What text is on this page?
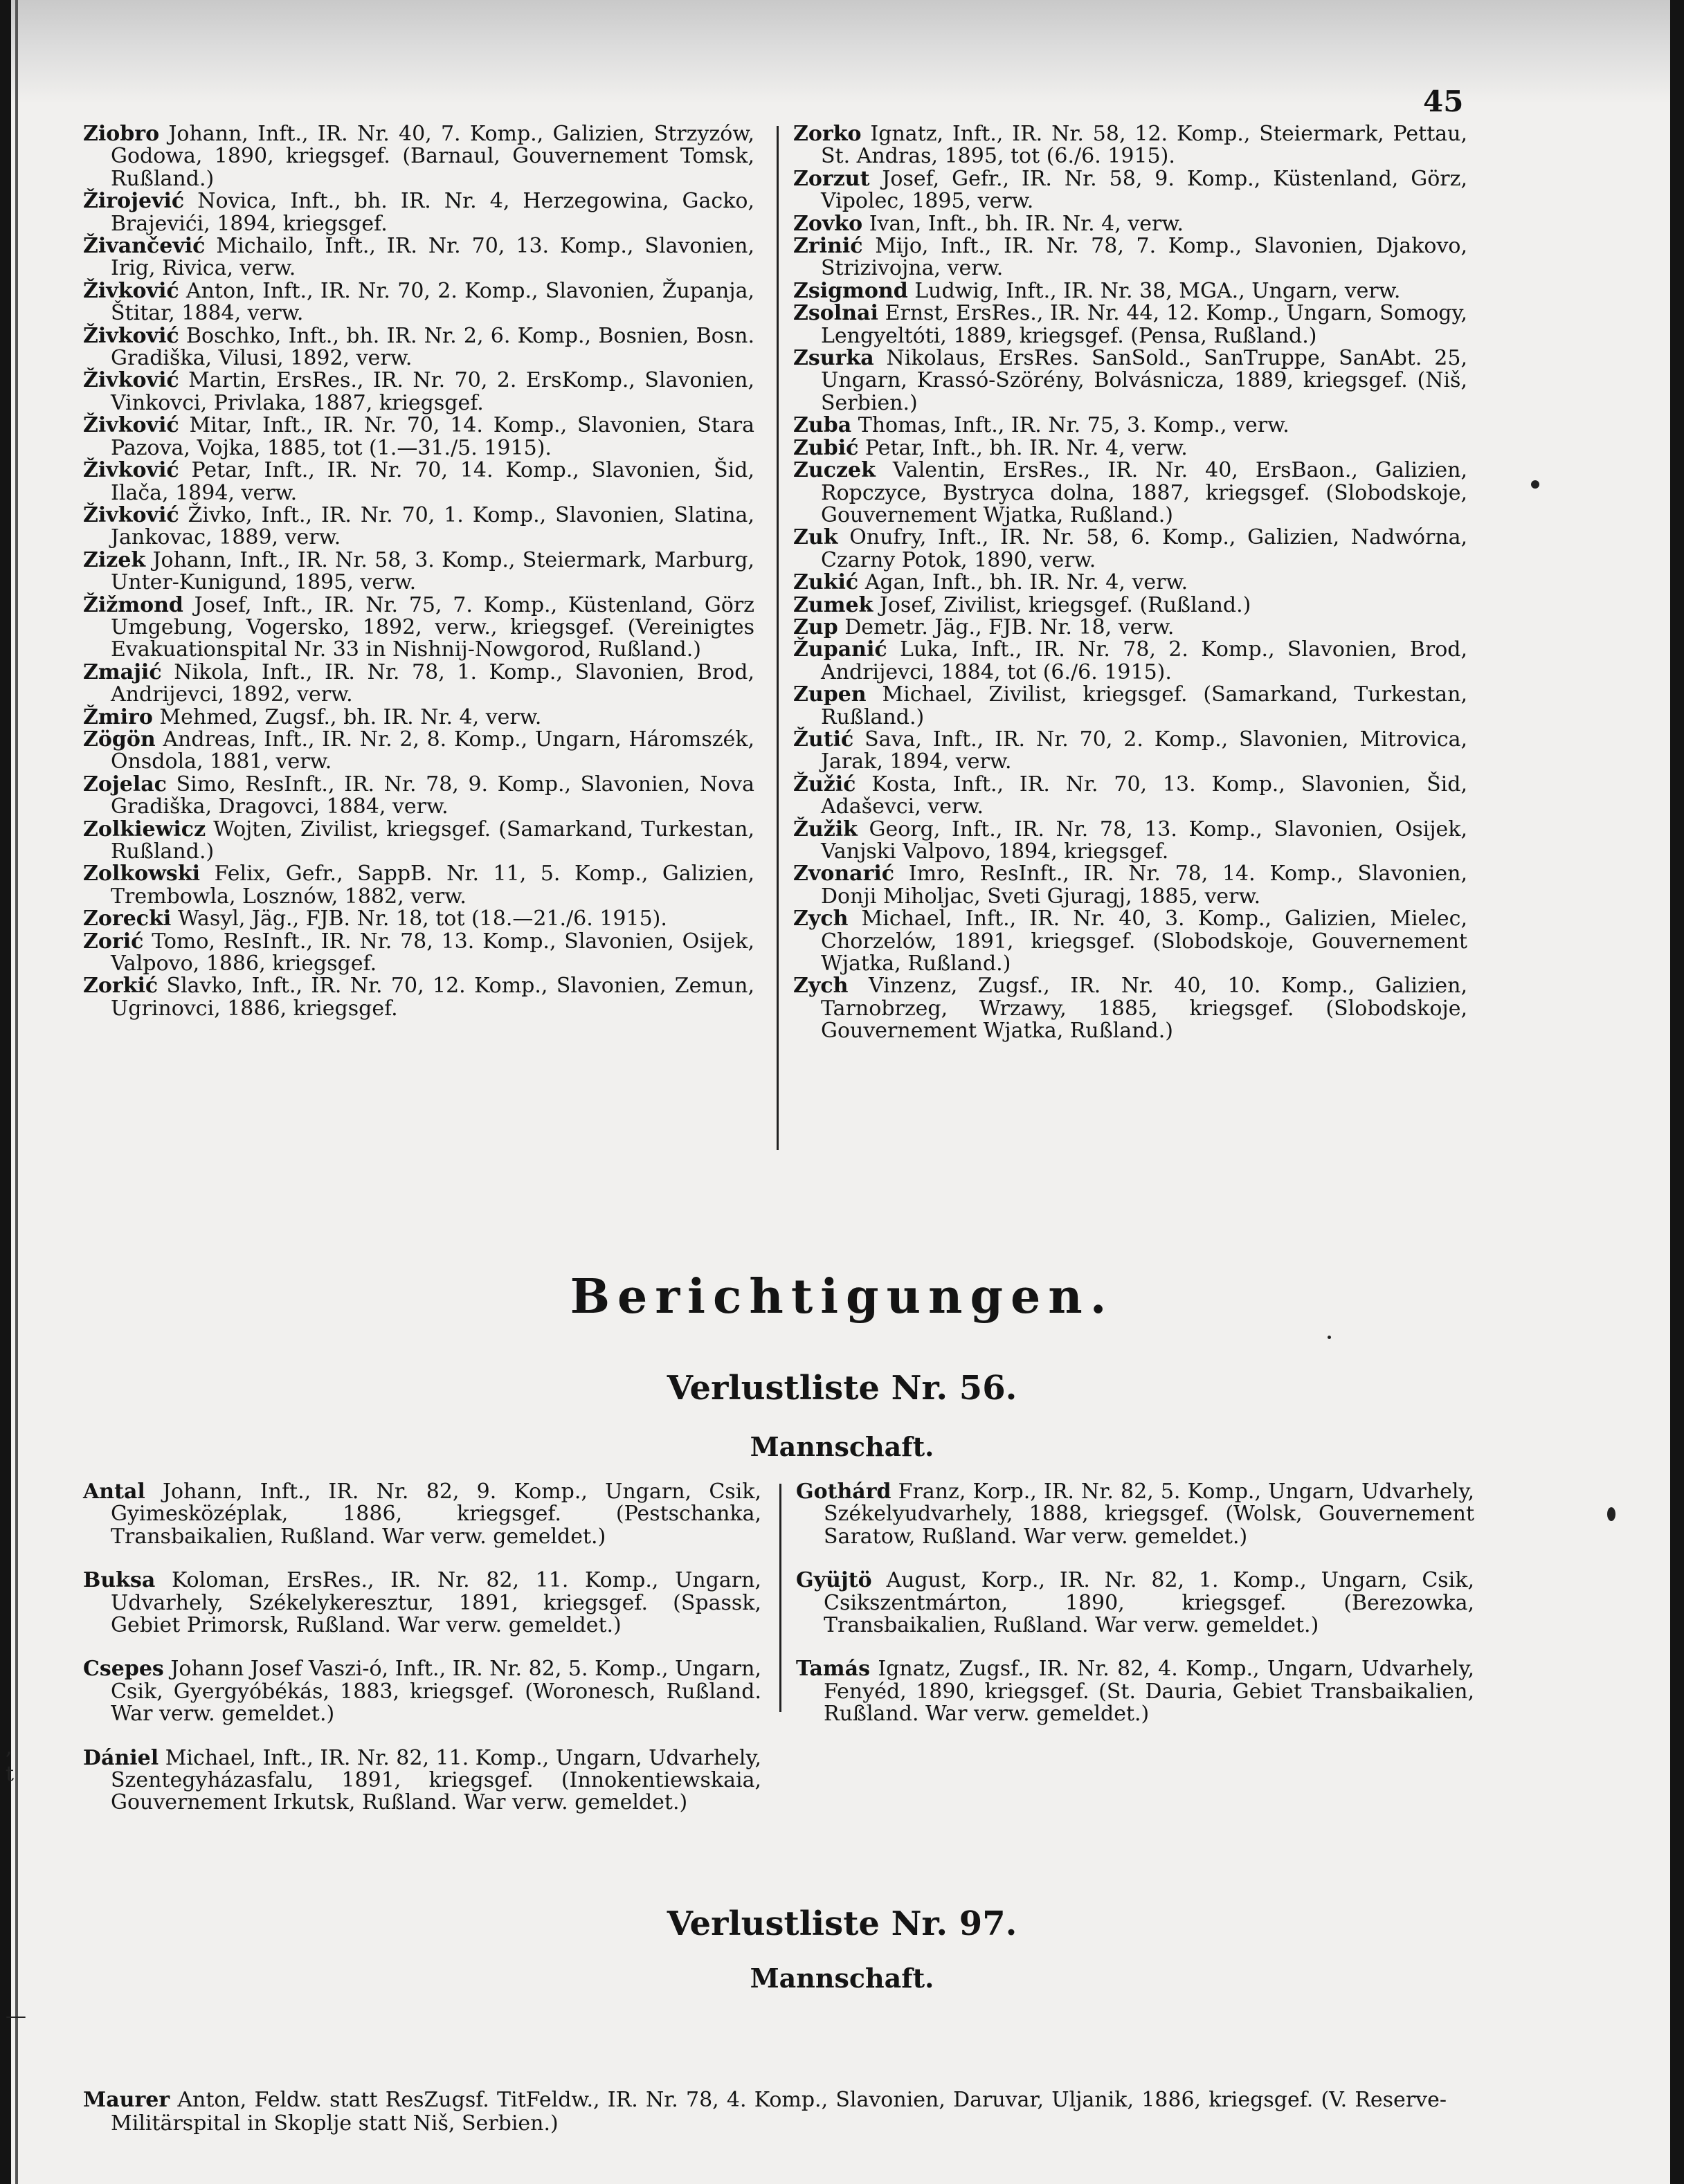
,
t
—
45
Ziobro Johann, Inft., IR. Nr. 40, 7. Komp., Galizien, Strzyzów, Godowa, 1890, kriegsgef. (Barnaul, Gouvernement Tomsk, Rußland.)
Žirojević Novica, Inft., bh. IR. Nr. 4, Herzegowina, Gacko, Brajevići, 1894, kriegsgef.
Živančević Michailo, Inft., IR. Nr. 70, 13. Komp., Slavonien, Irig, Rivica, verw.
Živković Anton, Inft., IR. Nr. 70, 2. Komp., Slavonien, Županja, Štitar, 1884, verw.
Živković Boschko, Inft., bh. IR. Nr. 2, 6. Komp., Bosnien, Bosn. Gradiška, Vilusi, 1892, verw.
Živković Martin, ErsRes., IR. Nr. 70, 2. ErsKomp., Slavonien, Vinkovci, Privlaka, 1887, kriegsgef.
Živković Mitar, Inft., IR. Nr. 70, 14. Komp., Slavonien, Stara Pazova, Vojka, 1885, tot (1.—31./5. 1915).
Živković Petar, Inft., IR. Nr. 70, 14. Komp., Slavonien, Šid, Ilača, 1894, verw.
Živković Živko, Inft., IR. Nr. 70, 1. Komp., Slavonien, Slatina, Jankovac, 1889, verw.
Zizek Johann, Inft., IR. Nr. 58, 3. Komp., Steiermark, Marburg, Unter-Kunigund, 1895, verw.
Žižmond Josef, Inft., IR. Nr. 75, 7. Komp., Küstenland, Görz Umgebung, Vogersko, 1892, verw., kriegsgef. (Vereinigtes Evakuationspital Nr. 33 in Nishnij-Nowgorod, Rußland.)
Zmajić Nikola, Inft., IR. Nr. 78, 1. Komp., Slavonien, Brod, Andrijevci, 1892, verw.
Žmiro Mehmed, Zugsf., bh. IR. Nr. 4, verw.
Zögön Andreas, Inft., IR. Nr. 2, 8. Komp., Ungarn, Háromszék, Onsdola, 1881, verw.
Zojelac Simo, ResInft., IR. Nr. 78, 9. Komp., Slavonien, Nova Gradiška, Dragovci, 1884, verw.
Zolkiewicz Wojten, Zivilist, kriegsgef. (Samarkand, Turkestan, Rußland.)
Zolkowski Felix, Gefr., SappB. Nr. 11, 5. Komp., Galizien, Trembowla, Losznów, 1882, verw.
Zorecki Wasyl, Jäg., FJB. Nr. 18, tot (18.—21./6. 1915).
Zorić Tomo, ResInft., IR. Nr. 78, 13. Komp., Slavonien, Osijek, Valpovo, 1886, kriegsgef.
Zorkić Slavko, Inft., IR. Nr. 70, 12. Komp., Slavonien, Zemun, Ugrinovci, 1886, kriegsgef.
Zorko Ignatz, Inft., IR. Nr. 58, 12. Komp., Steiermark, Pettau, St. Andras, 1895, tot (6./6. 1915).
Zorzut Josef, Gefr., IR. Nr. 58, 9. Komp., Küstenland, Görz, Vipolec, 1895, verw.
Zovko Ivan, Inft., bh. IR. Nr. 4, verw.
Zrinić Mijo, Inft., IR. Nr. 78, 7. Komp., Slavonien, Djakovo, Strizivojna, verw.
Zsigmond Ludwig, Inft., IR. Nr. 38, MGA., Ungarn, verw.
Zsolnai Ernst, ErsRes., IR. Nr. 44, 12. Komp., Ungarn, Somogy, Lengyeltóti, 1889, kriegsgef. (Pensa, Rußland.)
Zsurka Nikolaus, ErsRes. SanSold., SanTruppe, SanAbt. 25, Ungarn, Krassó-Szörény, Bolvásnicza, 1889, kriegsgef. (Niš, Serbien.)
Zuba Thomas, Inft., IR. Nr. 75, 3. Komp., verw.
Zubić Petar, Inft., bh. IR. Nr. 4, verw.
Zuczek Valentin, ErsRes., IR. Nr. 40, ErsBaon., Galizien, Ropczyce, Bystryca dolna, 1887, kriegsgef. (Slobodskoje, Gouvernement Wjatka, Rußland.)
Zuk Onufry, Inft., IR. Nr. 58, 6. Komp., Galizien, Nadwórna, Czarny Potok, 1890, verw.
Zukić Agan, Inft., bh. IR. Nr. 4, verw.
Zumek Josef, Zivilist, kriegsgef. (Rußland.)
Zup Demetr. Jäg., FJB. Nr. 18, verw.
Županić Luka, Inft., IR. Nr. 78, 2. Komp., Slavonien, Brod, Andrijevci, 1884, tot (6./6. 1915).
Zupen Michael, Zivilist, kriegsgef. (Samarkand, Turkestan, Rußland.)
Žutić Sava, Inft., IR. Nr. 70, 2. Komp., Slavonien, Mitrovica, Jarak, 1894, verw.
Žužić Kosta, Inft., IR. Nr. 70, 13. Komp., Slavonien, Šid, Adaševci, verw.
Žužik Georg, Inft., IR. Nr. 78, 13. Komp., Slavonien, Osijek, Vanjski Valpovo, 1894, kriegsgef.
Zvonarić Imro, ResInft., IR. Nr. 78, 14. Komp., Slavonien, Donji Miholjac, Sveti Gjuragj, 1885, verw.
Zych Michael, Inft., IR. Nr. 40, 3. Komp., Galizien, Mielec, Chorzelów, 1891, kriegsgef. (Slobodskoje, Gouvernement Wjatka, Rußland.)
Zych Vinzenz, Zugsf., IR. Nr. 40, 10. Komp., Galizien, Tarnobrzeg, Wrzawy, 1885, kriegsgef. (Slobodskoje, Gouvernement Wjatka, Rußland.)
Berichtigungen.
Verlustliste Nr. 56.
Mannschaft.
Antal Johann, Inft., IR. Nr. 82, 9. Komp., Ungarn, Csik, Gyimesközéplak, 1886, kriegsgef. (Pestschanka, Transbaikalien, Rußland. War verw. gemeldet.)
Buksa Koloman, ErsRes., IR. Nr. 82, 11. Komp., Ungarn, Udvarhely, Székelykeresztur, 1891, kriegsgef. (Spassk, Gebiet Primorsk, Rußland. War verw. gemeldet.)
Csepes Johann Josef Vaszi-ó, Inft., IR. Nr. 82, 5. Komp., Ungarn, Csik, Gyergyóbékás, 1883, kriegsgef. (Woronesch, Rußland. War verw. gemeldet.)
Dániel Michael, Inft., IR. Nr. 82, 11. Komp., Ungarn, Udvarhely, Szentegyházasfalu, 1891, kriegsgef. (Innokentiewskaia, Gouvernement Irkutsk, Rußland. War verw. gemeldet.)
Gothárd Franz, Korp., IR. Nr. 82, 5. Komp., Ungarn, Udvarhely, Székelyudvarhely, 1888, kriegsgef. (Wolsk, Gouvernement Saratow, Rußland. War verw. gemeldet.)
Gyüjtö August, Korp., IR. Nr. 82, 1. Komp., Ungarn, Csik, Csikszentmárton, 1890, kriegsgef. (Berezowka, Transbaikalien, Rußland. War verw. gemeldet.)
Tamás Ignatz, Zugsf., IR. Nr. 82, 4. Komp., Ungarn, Udvarhely, Fenyéd, 1890, kriegsgef. (St. Dauria, Gebiet Transbaikalien, Rußland. War verw. gemeldet.)
Verlustliste Nr. 97.
Mannschaft.
Maurer Anton, Feldw. statt ResZugsf. TitFeldw., IR. Nr. 78, 4. Komp., Slavonien, Daruvar, Uljanik, 1886, kriegsgef. (V. Reserve-Militärspital in Skoplje statt Niš, Serbien.)
